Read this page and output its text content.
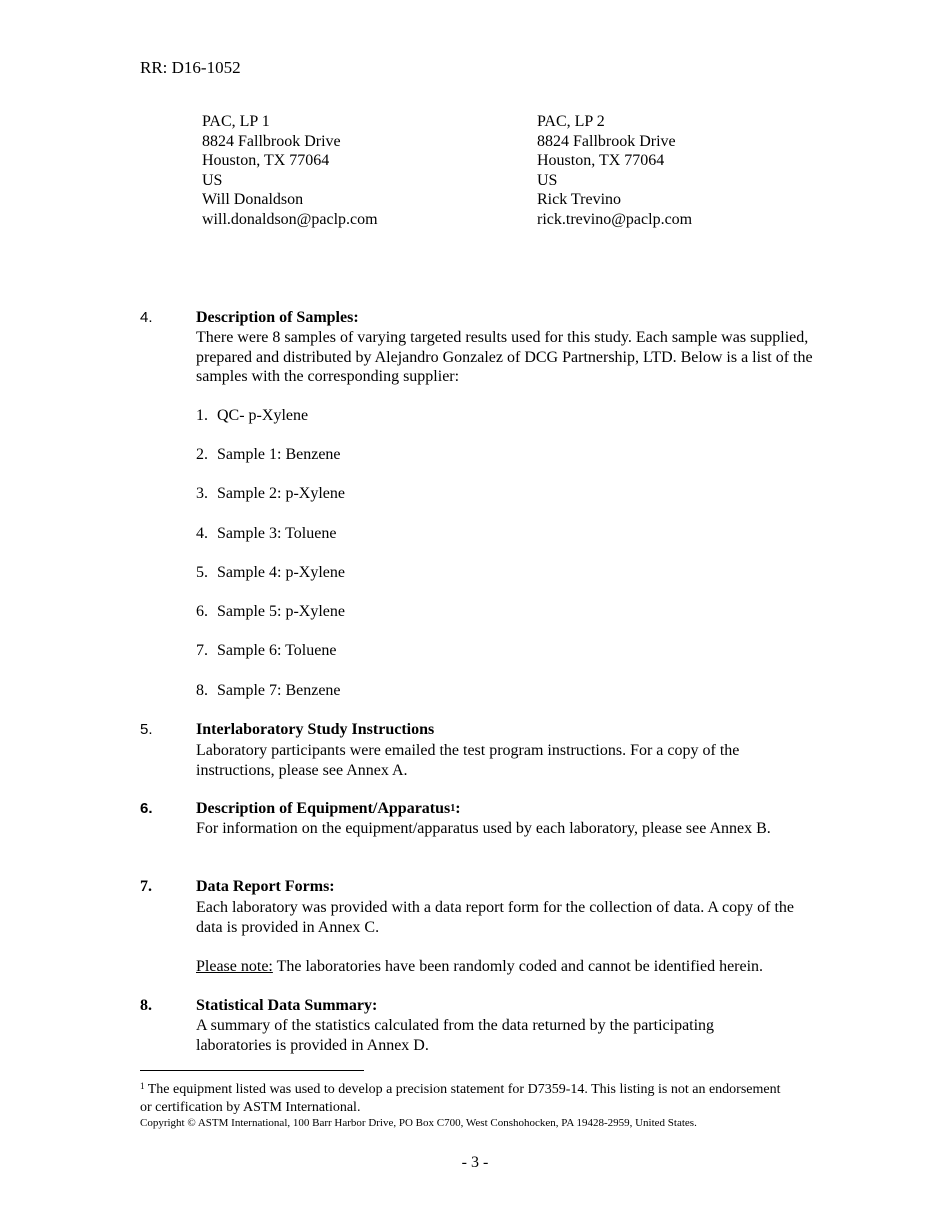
RR: D16-1052
PAC, LP 1
8824 Fallbrook Drive
Houston, TX 77064
US
Will Donaldson
will.donaldson@paclp.com
PAC, LP 2
8824 Fallbrook Drive
Houston, TX 77064
US
Rick Trevino
rick.trevino@paclp.com
4.	Description of Samples:
There were 8 samples of varying targeted results used for this study. Each sample was supplied, prepared and distributed by Alejandro Gonzalez of DCG Partnership, LTD. Below is a list of the samples with the corresponding supplier:
1. QC- p-Xylene
2. Sample 1: Benzene
3. Sample 2: p-Xylene
4. Sample 3: Toluene
5. Sample 4: p-Xylene
6. Sample 5: p-Xylene
7. Sample 6: Toluene
8. Sample 7: Benzene
5.	Interlaboratory Study Instructions
Laboratory participants were emailed the test program instructions. For a copy of the instructions, please see Annex A.
6.	Description of Equipment/Apparatus$^1$:
For information on the equipment/apparatus used by each laboratory, please see Annex B.
7.	Data Report Forms:
Each laboratory was provided with a data report form for the collection of data. A copy of the data is provided in Annex C.
Please note: The laboratories have been randomly coded and cannot be identified herein.
8.	Statistical Data Summary:
A summary of the statistics calculated from the data returned by the participating laboratories is provided in Annex D.
$^1$ The equipment listed was used to develop a precision statement for D7359-14. This listing is not an endorsement or certification by ASTM International.
Copyright © ASTM International, 100 Barr Harbor Drive, PO Box C700, West Conshohocken, PA 19428-2959, United States.
- 3 -
